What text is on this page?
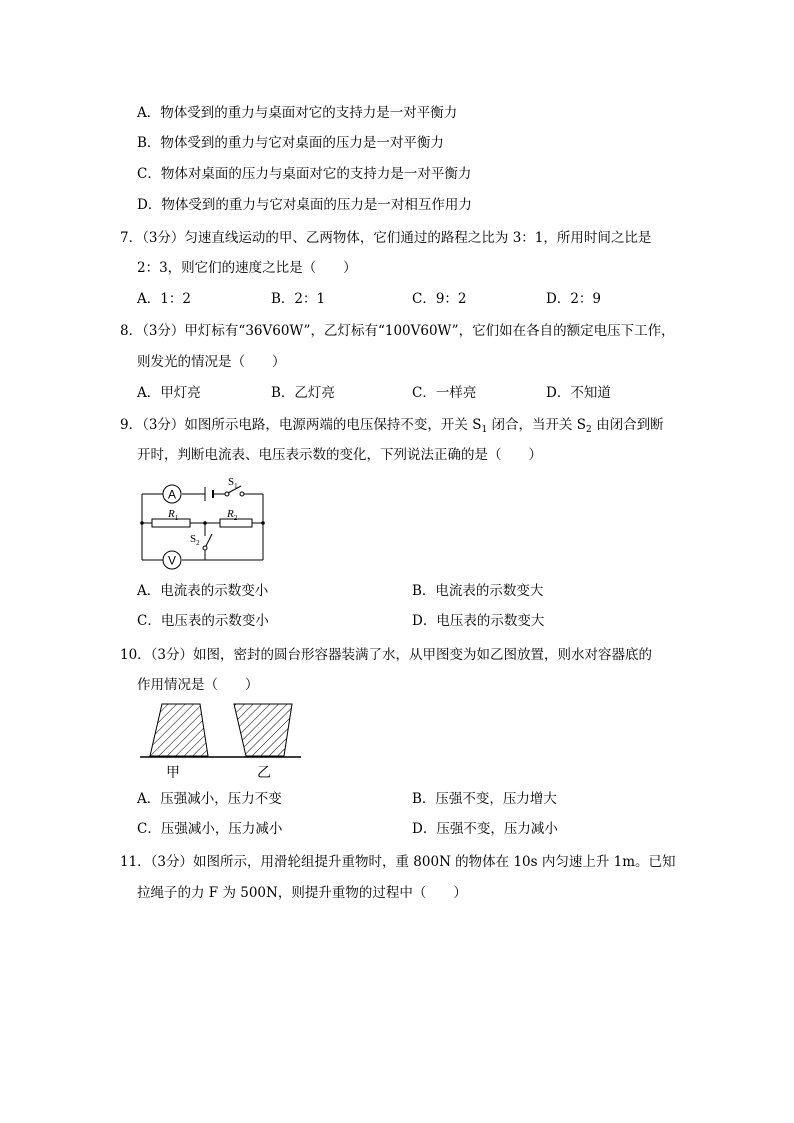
A．物体受到的重力与桌面对它的支持力是一对平衡力
B．物体受到的重力与它对桌面的压力是一对平衡力
C．物体对桌面的压力与桌面对它的支持力是一对平衡力
D．物体受到的重力与它对桌面的压力是一对相互作用力
7．（3分）匀速直线运动的甲、乙两物体，它们通过的路程之比为 3：1，所用时间之比是
2：3，则它们的速度之比是（　　）
A．1：2	B．2：1	C．9：2	D．2：9
8．（3分）甲灯标有“36V60W”，乙灯标有“100V60W”，它们如在各自的额定电压下工作，
则发光的情况是（　　）
A．甲灯亮	B．乙灯亮	C．一样亮	D．不知道
9．（3分）如图所示电路，电源两端的电压保持不变，开关 $S_1$ 闭合，当开关 $S_2$ 由闭合到断
开时，判断电流表、电压表示数的变化，下列说法正确的是（　　）
A
V
$S_1$
$R_1$	$R_2$
$S_2$
A．电流表的示数变小	B．电流表的示数变大
C．电压表的示数变小	D．电压表的示数变大
10．（3分）如图，密封的圆台形容器装满了水，从甲图变为如乙图放置，则水对容器底的
作用情况是（　　）
甲	乙
A．压强减小，压力不变	B．压强不变，压力增大
C．压强减小，压力减小	D．压强不变，压力减小
11．（3分）如图所示，用滑轮组提升重物时，重 800N 的物体在 10s 内匀速上升 1m。已知
拉绳子的力 F 为 500N，则提升重物的过程中（　　）
